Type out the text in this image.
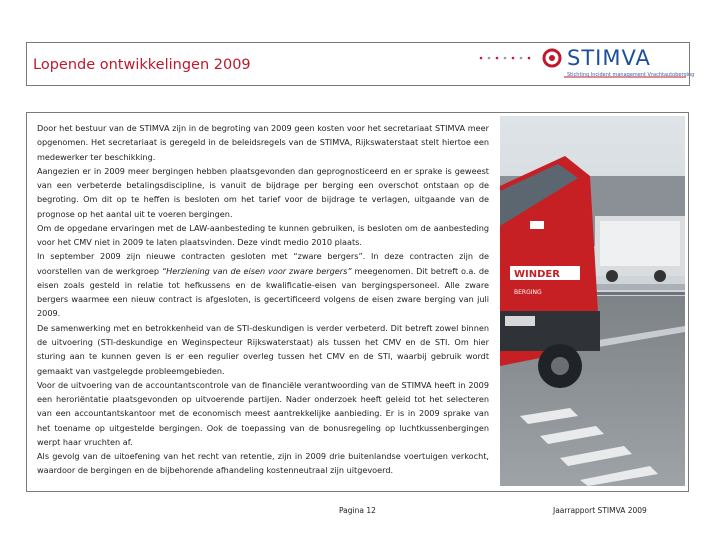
Lopende ontwikkelingen 2009	STIMVA
Stichting Incident management Vrachtautoberging
WINDER
BERGING

Door het bestuur van de STIMVA zijn in de begroting van 2009 geen kosten voor het secretariaat STIMVA meer opgenomen. Het secretariaat is geregeld in de beleidsregels van de STIMVA, Rijkswaterstaat stelt hiertoe een medewerker ter beschikking.

Aangezien er in 2009 meer bergingen hebben plaatsgevonden dan geprognosticeerd en er sprake is geweest van een verbeterde betalingsdiscipline, is vanuit de bijdrage per berging een overschot ontstaan op de begroting. Om dit op te heffen is besloten om het tarief voor de bijdrage te verlagen, uitgaande van de prognose op het aantal uit te voeren bergingen.

Om de opgedane ervaringen met de LAW-aanbesteding te kunnen gebruiken, is besloten om de aanbesteding voor het CMV niet in 2009 te laten plaatsvinden. Deze vindt medio 2010 plaats.

In september 2009 zijn nieuwe contracten gesloten met “zware bergers”. In deze contracten zijn de voorstellen van de werkgroep “Herziening van de eisen voor zware bergers” meegenomen. Dit betreft o.a. de eisen zoals gesteld in relatie tot hefkussens en de kwalificatie-eisen van bergingspersoneel. Alle zware bergers waarmee een nieuw contract is afgesloten, is gecertificeerd volgens de eisen zware berging van juli 2009.

De samenwerking met en betrokkenheid van de STI-deskundigen is verder verbeterd. Dit betreft zowel binnen de uitvoering (STI-deskundige en Weginspecteur Rijkswaterstaat) als tussen het CMV en de STI. Om hier sturing aan te kunnen geven is er een regulier overleg tussen het CMV en de STI, waarbij gebruik wordt gemaakt van vastgelegde probleemgebieden.

Voor de uitvoering van de accountantscontrole van de financiële verantwoording van de STIMVA heeft in 2009 een heroriëntatie plaatsgevonden op uitvoerende partijen. Nader onderzoek heeft geleid tot het selecteren van een accountantskantoor met de economisch meest aantrekkelijke aanbieding. Er is in 2009 sprake van het toename op uitgestelde bergingen. Ook de toepassing van de bonusregeling op luchtkussenbergingen werpt haar vruchten af.

Als gevolg van de uitoefening van het recht van retentie, zijn in 2009 drie buitenlandse voertuigen verkocht, waardoor de bergingen en de bijbehorende afhandeling kostenneutraal zijn uitgevoerd.

Pagina 12	Jaarrapport STIMVA 2009
